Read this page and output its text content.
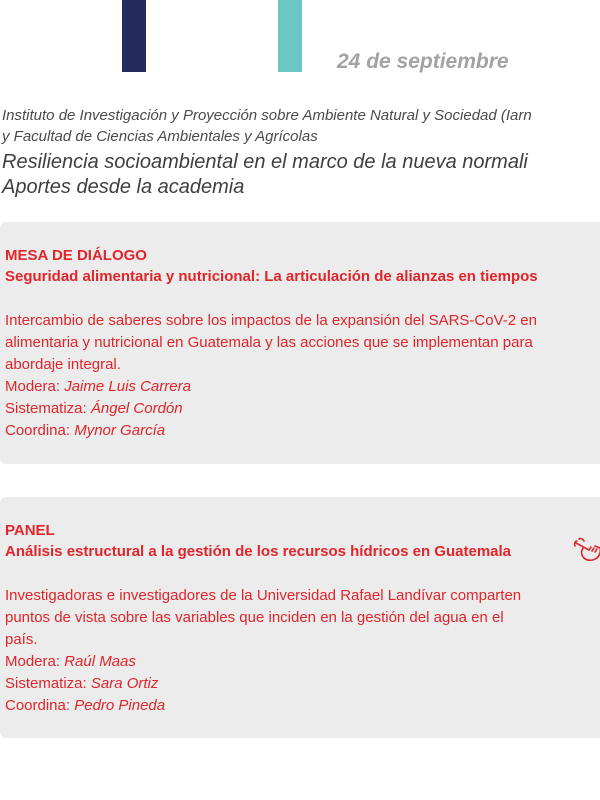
24 de septiembre
Instituto de Investigación y Proyección sobre Ambiente Natural y Sociedad (Iarn
y Facultad de Ciencias Ambientales y Agrícolas
Resiliencia socioambiental en el marco de la nueva normali
Aportes desde la academia
MESA DE DIÁLOGO
Seguridad alimentaria y nutricional: La articulación de alianzas en tiempos
Intercambio de saberes sobre los impactos de la expansión del SARS-CoV-2 en
alimentaria y nutricional en Guatemala y las acciones que se implementan para
abordaje integral.
Modera: Jaime Luis Carrera
Sistematiza: Ángel Cordón
Coordina: Mynor García
PANEL
Análisis estructural a la gestión de los recursos hídricos en Guatemala
Investigadoras e investigadores de la Universidad Rafael Landívar comparten
puntos de vista sobre las variables que inciden en la gestión del agua en el
país.
Modera: Raúl Maas
Sistematiza: Sara Ortiz
Coordina: Pedro Pineda
